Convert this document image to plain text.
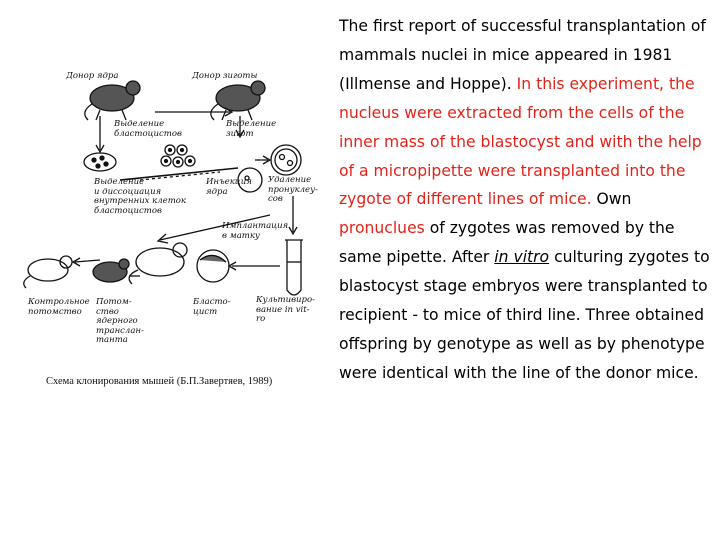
Донор ядра	Донор зиготы
Выделение
бластоцистов
Выделение
зигот
Выделение
и диссоциация
внутренних клеток
бластоцистов
Инъекция
ядра
Удаление
пронуклеу-
сов
Имплантация
в матку
Контрольное
потомство
Потом-
ство
ядерного
транслан-
танта
Бласто-
цист
Культивиро-
вание in vit-
ro
Схема клонирования мышей (Б.П.Завертяев, 1989)
The first report of successful transplantation of mammals nuclei in mice appeared in 1981 (Illmense and Hoppe). In this experiment, the nucleus were extracted from the cells of the inner mass of the blastocyst and with the help of a micropipette were transplanted into the zygote of different lines of mice. Own pronuclues of zygotes was removed by the same pipette. After in vitro culturing zygotes to blastocyst stage embryos were transplanted to recipient - to mice of third line. Three obtained offspring by genotype as well as by phenotype were identical with the line of the donor mice.
